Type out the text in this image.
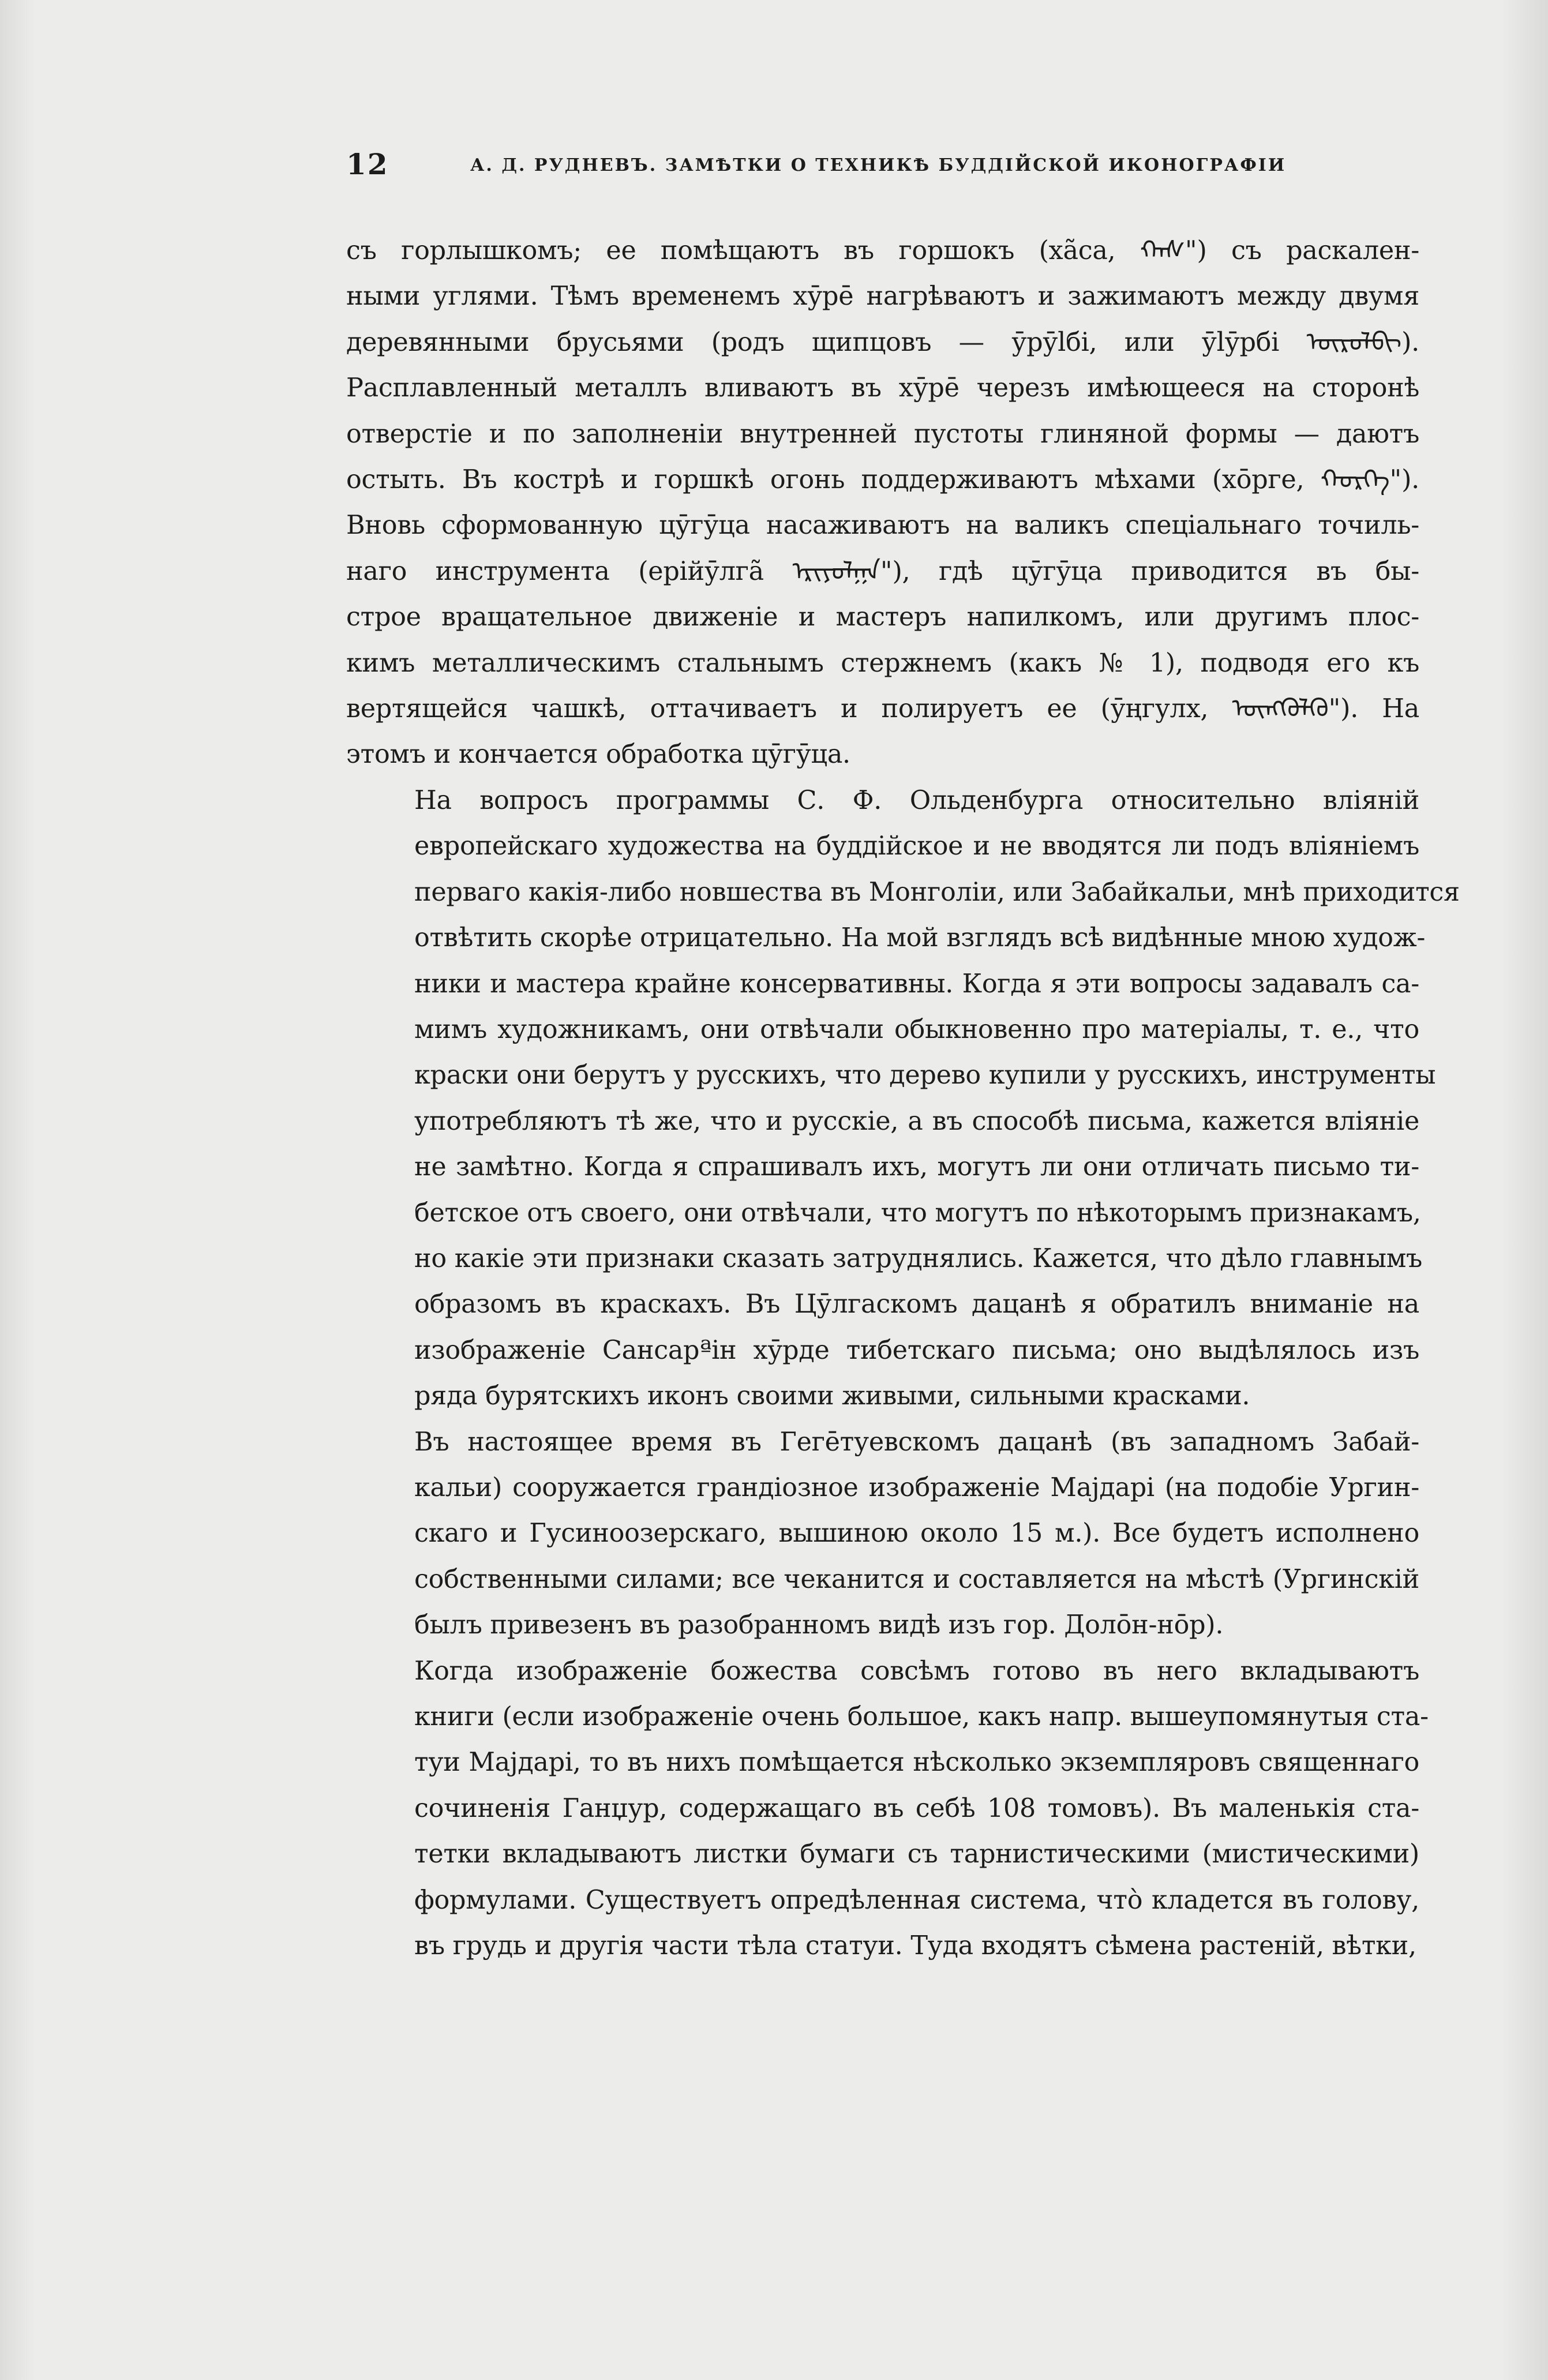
12	А. Д. РУДНЕВЪ. ЗАМѢТКИ О ТЕХНИКѢ БУДДІЙСКОЙ ИКОНОГРАФІИ
съ горлышкомъ; ее помѣщаютъ въ горшокъ (ха̃са, ᠬᠠᠰ") съ раскален-
ными углями. Тѣмъ временемъ хӯрē нагрѣваютъ и зажимаютъ между двумя
деревянными брусьями (родъ щипцовъ — ӯрӯlбі, или ӯlӯрбі ᠥᠷᠦᠯᠪᠢ).
Расплавленный металлъ вливаютъ въ хӯрē черезъ имѣющееся на сторонѣ
отверстіе и по заполненіи внутренней пустоты глиняной формы — даютъ
остыть. Въ кострѣ и горшкѣ огонь поддерживаютъ мѣхами (хōрге, ᠬᠣᠷᠭᠡ").
Вновь сформованную цӯгӯца насаживаютъ на валикъ спеціальнаго точиль-
наго инструмента (ерійӯлга̃ ᠡᠷᠢᠶᠦᠯᠭᠠ"), гдѣ цӯгӯца приводится въ бы-
строе вращательное движеніе и мастеръ напилкомъ, или другимъ плос-
кимъ металлическимъ стальнымъ стержнемъ (какъ № 1), подводя его къ
вертящейся чашкѣ, оттачиваетъ и полируетъ ее (ӯңгулх, ᠦᠩᠭᠦᠯᠬᠦ"). На
этомъ и кончается обработка цӯгӯца.
На вопросъ программы С. Ф. Ольденбурга относительно вліяній
европейскаго художества на буддійское и не вводятся ли подъ вліяніемъ
перваго какія-либо новшества въ Монголіи, или Забайкальи, мнѣ приходится
отвѣтить скорѣе отрицательно. На мой взглядъ всѣ видѣнные мною худож-
ники и мастера крайне консервативны. Когда я эти вопросы задавалъ са-
мимъ художникамъ, они отвѣчали обыкновенно про матеріалы, т. е., что
краски они берутъ у русскихъ, что дерево купили у русскихъ, инструменты
употребляютъ тѣ же, что и русскіе, а въ способѣ письма, кажется вліяніе
не замѣтно. Когда я спрашивалъ ихъ, могутъ ли они отличать письмо ти-
бетское отъ своего, они отвѣчали, что могутъ по нѣкоторымъ признакамъ,
но какіе эти признаки сказать затруднялись. Кажется, что дѣло главнымъ
образомъ въ краскахъ. Въ Цӯлгаскомъ дацанѣ я обратилъ вниманіе на
изображеніе Сансарªін хӯрде тибетскаго письма; оно выдѣлялось изъ
ряда бурятскихъ иконъ своими живыми, сильными красками.
Въ настоящее время въ Гегēтуевскомъ дацанѣ (въ западномъ Забай-
кальи) сооружается грандіозное изображеніе Маjдарі (на подобіе Ургин-
скаго и Гусиноозерскаго, вышиною около 15 м.). Все будетъ исполнено
собственными силами; все чеканится и составляется на мѣстѣ (Ургинскій
былъ привезенъ въ разобранномъ видѣ изъ гор. Долōн-нōр).
Когда изображеніе божества совсѣмъ готово въ него вкладываютъ
книги (если изображеніе очень большое, какъ напр. вышеупомянутыя ста-
туи Маjдарі, то въ нихъ помѣщается нѣсколько экземпляровъ священнаго
сочиненія Ганџур, содержащаго въ себѣ 108 томовъ). Въ маленькія ста-
тетки вкладываютъ листки бумаги съ тарнистическими (мистическими)
формулами. Существуетъ опредѣленная система, что̀ кладется въ голову,
въ грудь и другія части тѣла статуи. Туда входятъ сѣмена растеній, вѣтки,
